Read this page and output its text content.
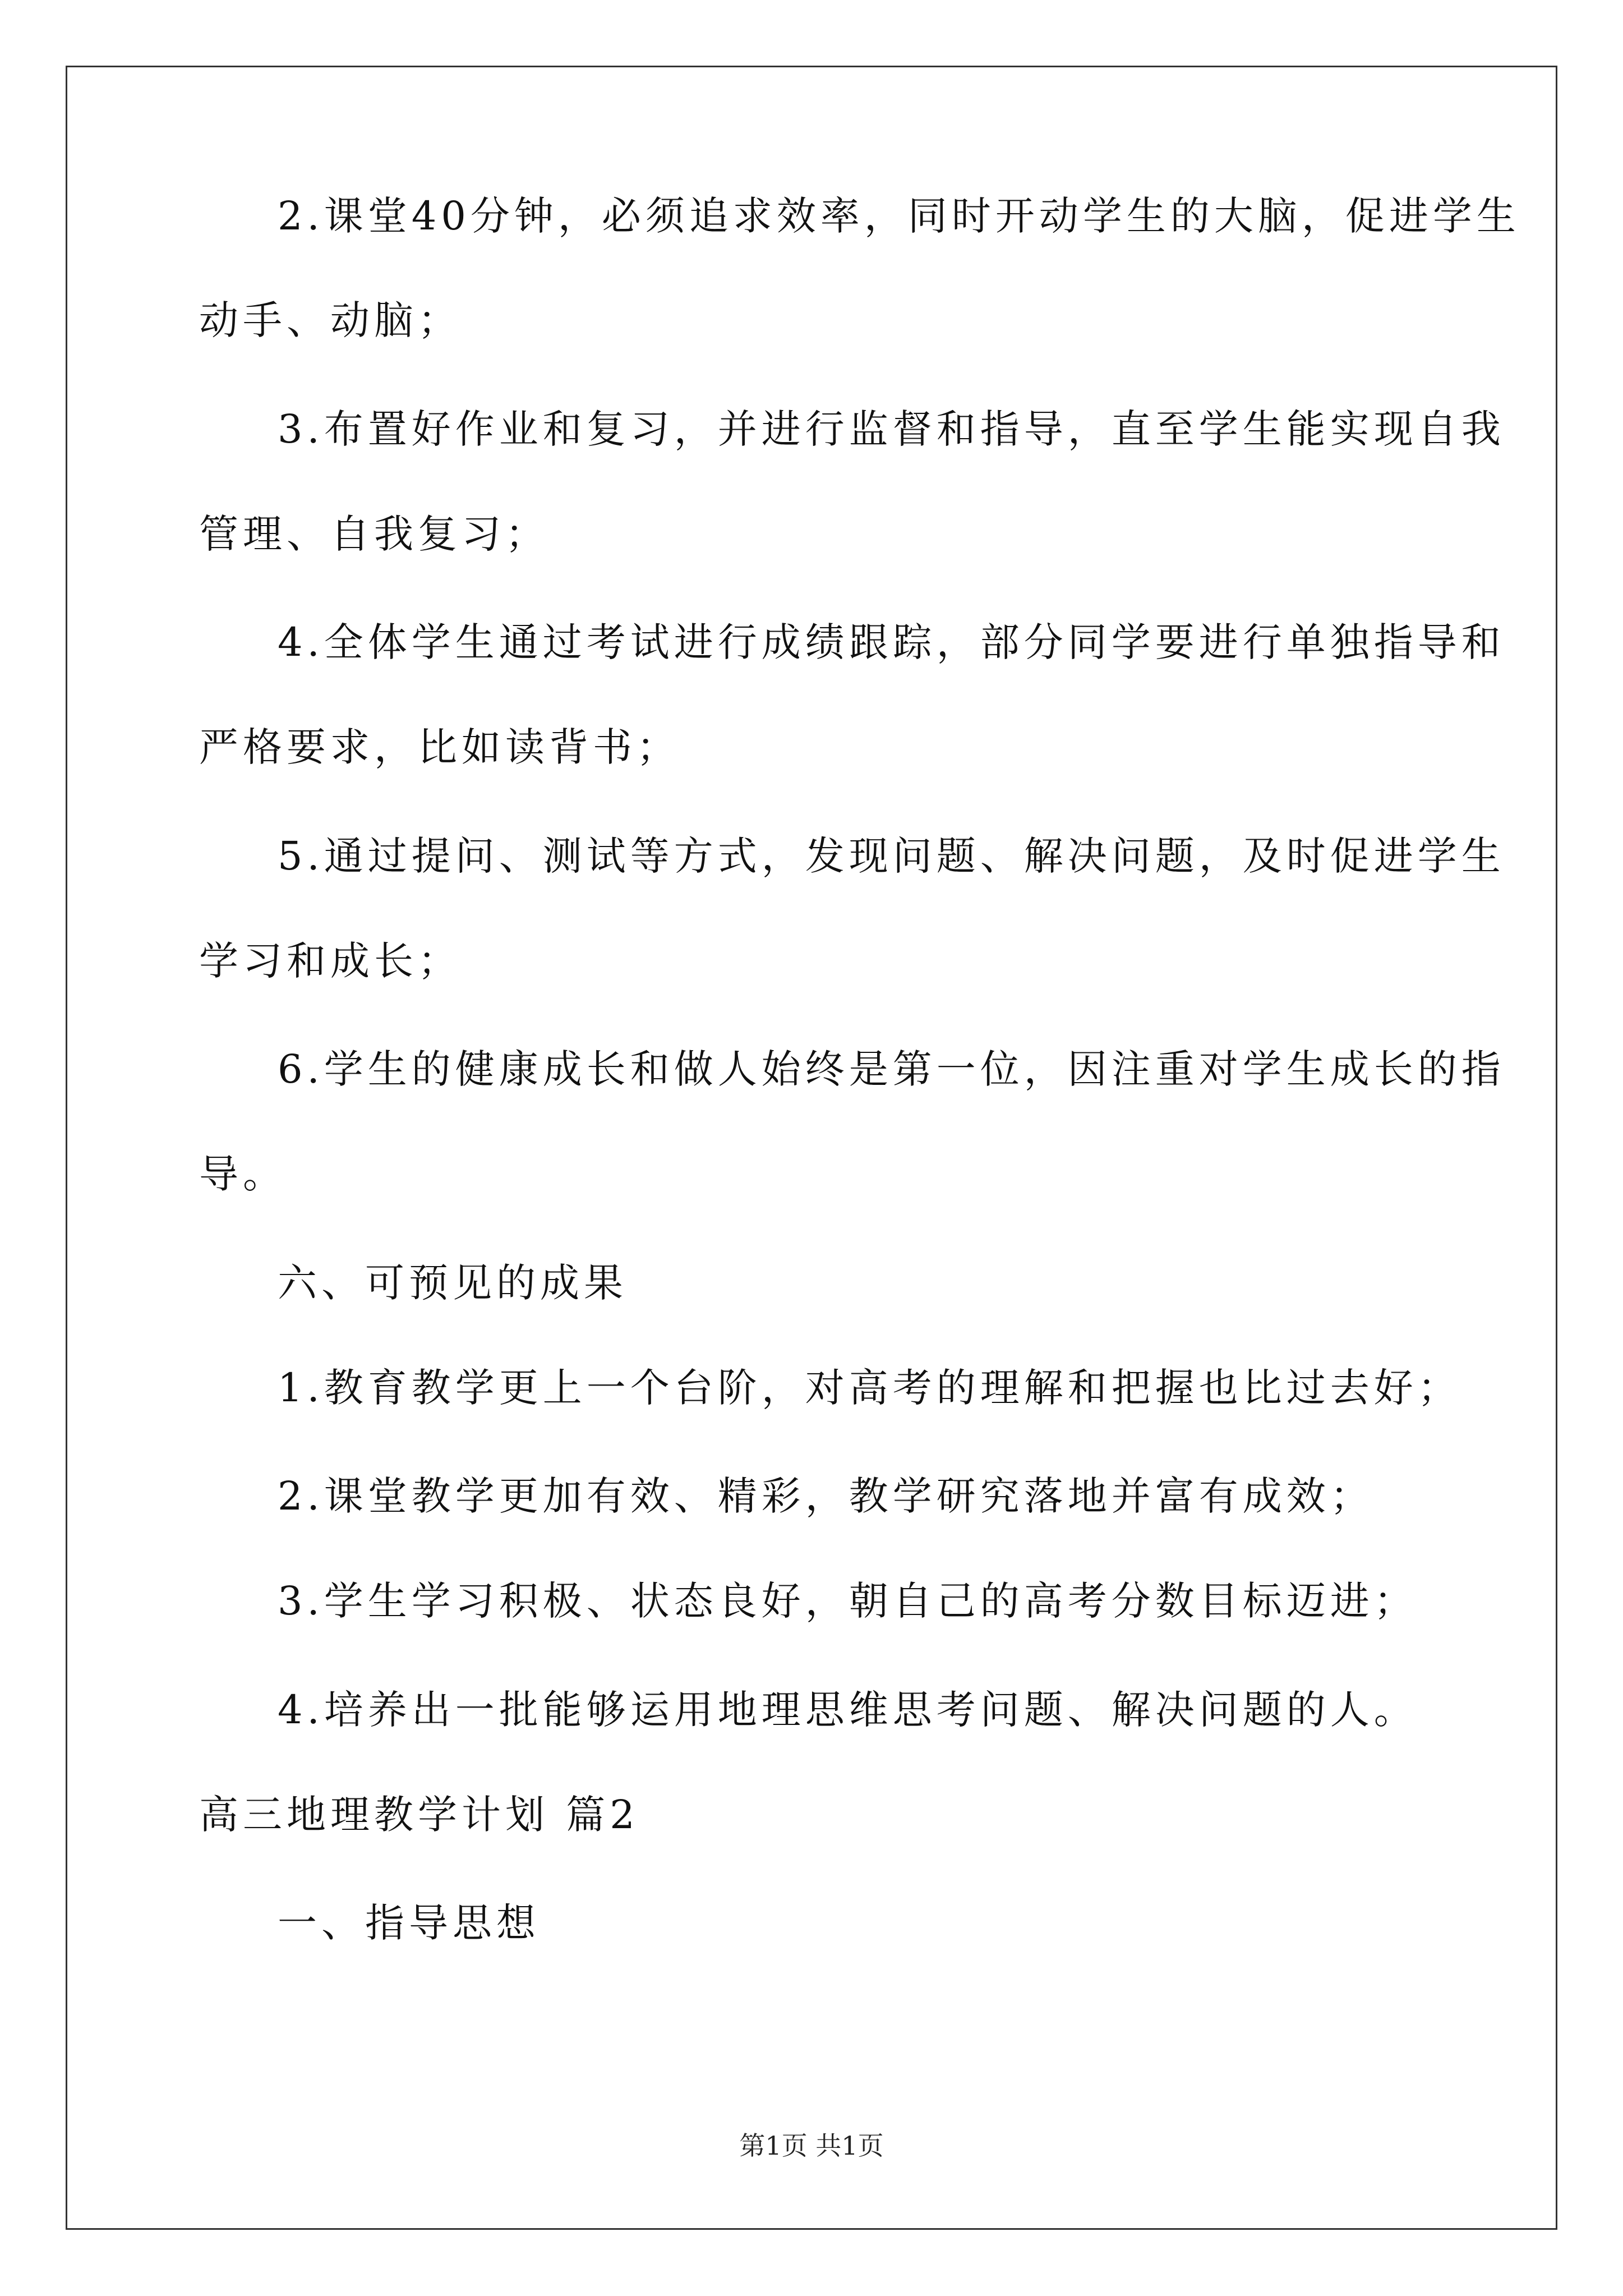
2.课堂40分钟，必须追求效率，同时开动学生的大脑，促进学生
动手、动脑；
3.布置好作业和复习，并进行监督和指导，直至学生能实现自我
管理、自我复习；
4.全体学生通过考试进行成绩跟踪，部分同学要进行单独指导和
严格要求，比如读背书；
5.通过提问、测试等方式，发现问题、解决问题，及时促进学生
学习和成长；
6.学生的健康成长和做人始终是第一位，因注重对学生成长的指
导。
六、可预见的成果
1.教育教学更上一个台阶，对高考的理解和把握也比过去好；
2.课堂教学更加有效、精彩，教学研究落地并富有成效；
3.学生学习积极、状态良好，朝自己的高考分数目标迈进；
4.培养出一批能够运用地理思维思考问题、解决问题的人。
高三地理教学计划 篇2
一、指导思想
第1页 共1页
